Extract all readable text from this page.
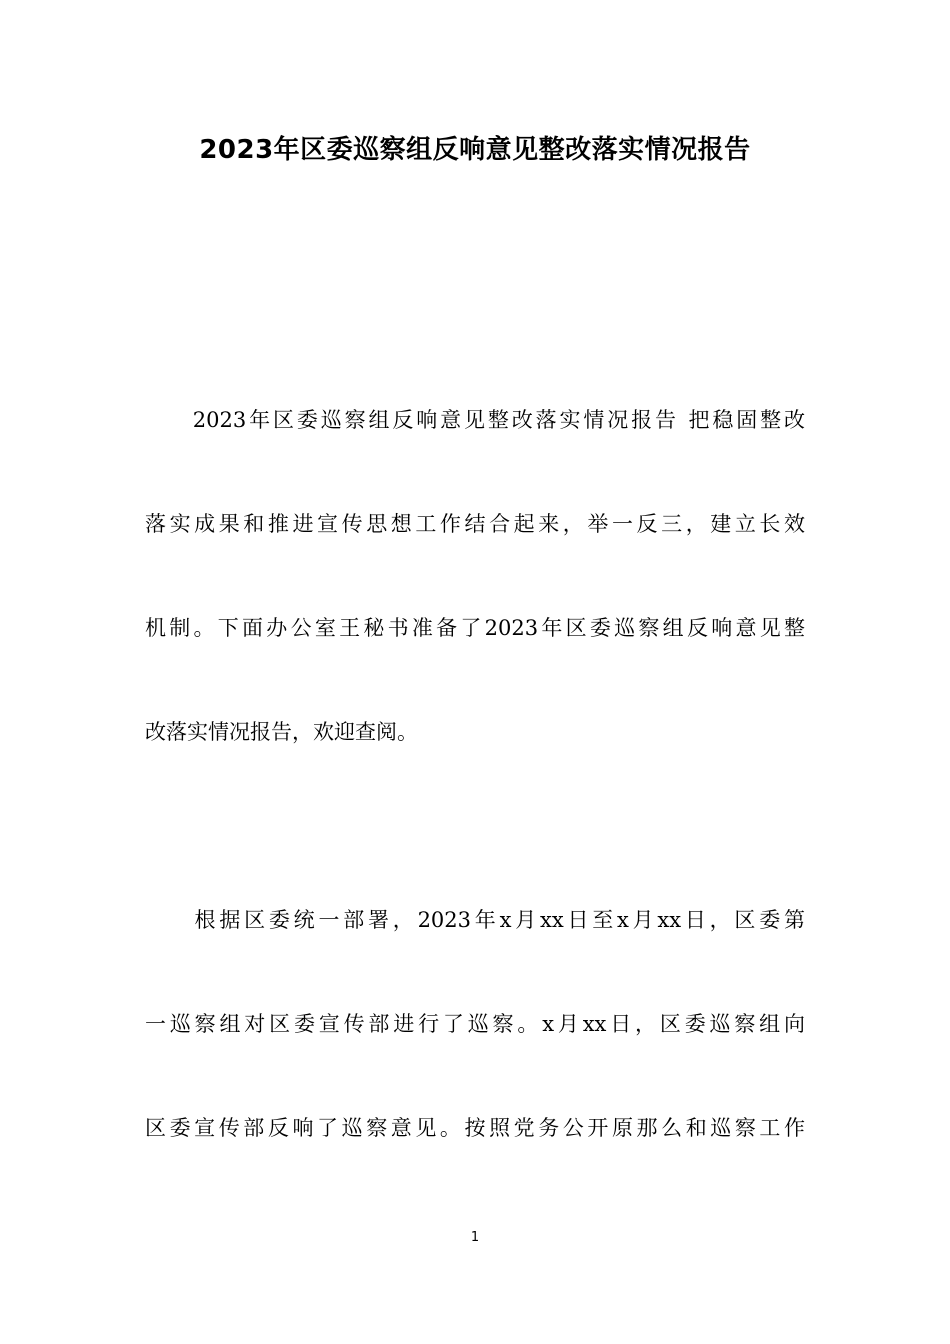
2023年区委巡察组反响意见整改落实情况报告
　　2023年区委巡察组反响意见整改落实情况报告 把稳固整改
落实成果和推进宣传思想工作结合起来，举一反三，建立长效
机制。下面办公室王秘书准备了2023年区委巡察组反响意见整
改落实情况报告，欢迎查阅。
　　根据区委统一部署，2023年x月xx日至x月xx日，区委第
一巡察组对区委宣传部进行了巡察。x月xx日，区委巡察组向
区委宣传部反响了巡察意见。按照党务公开原那么和巡察工作
1
